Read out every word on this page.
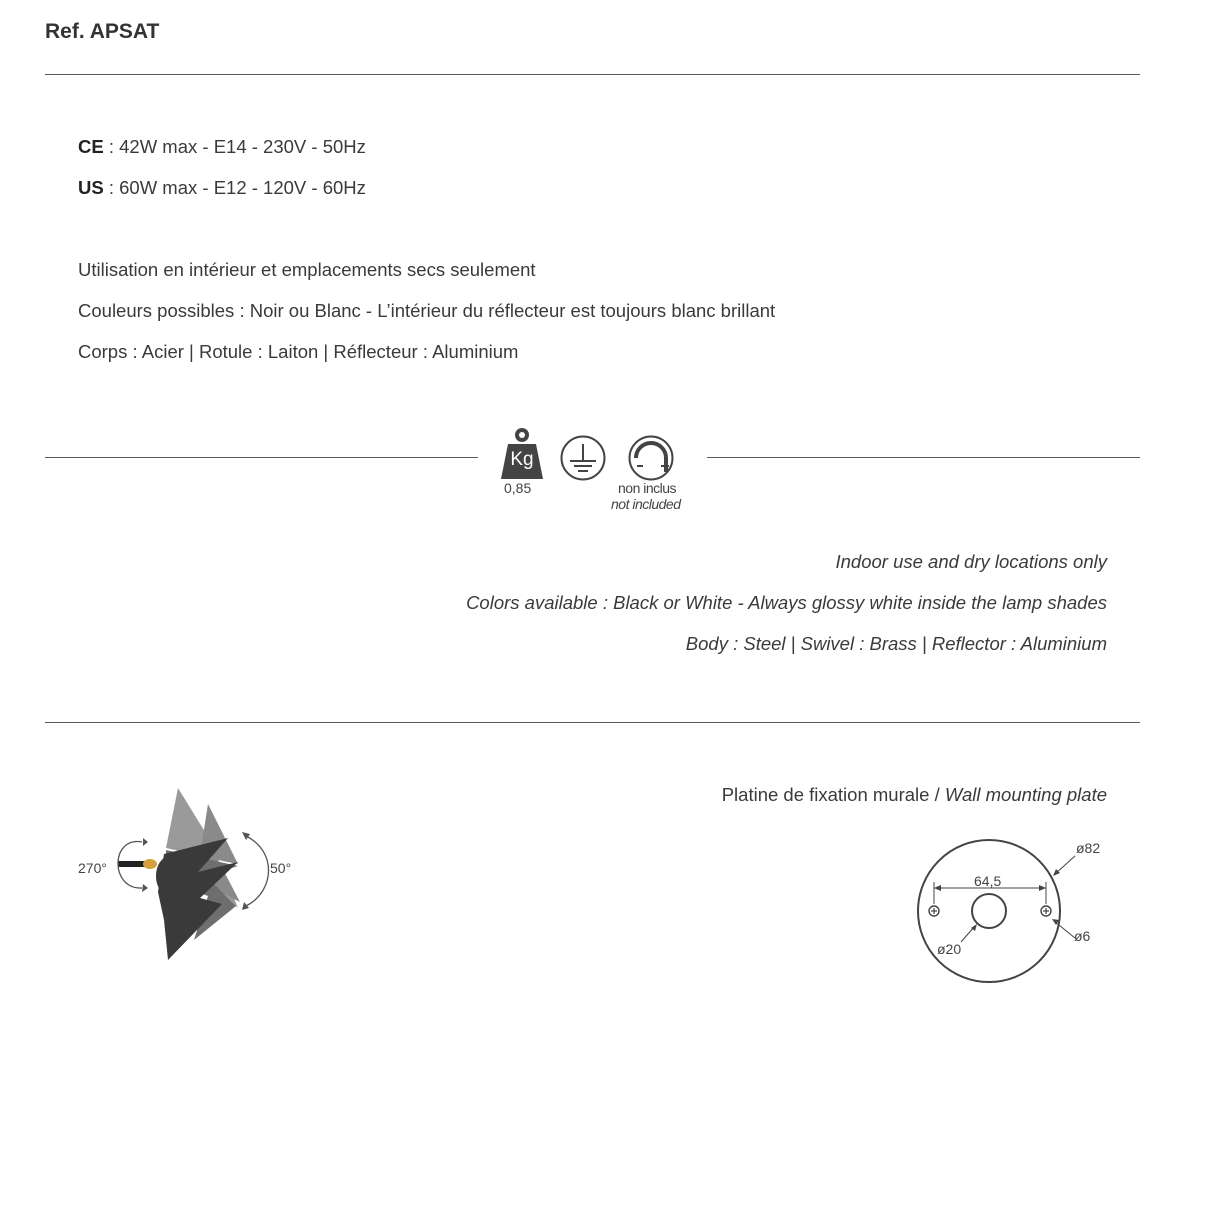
Ref. APSAT
CE : 42W max - E14 - 230V - 50Hz
US : 60W max - E12 - 120V - 60Hz
Utilisation en intérieur et emplacements secs seulement
Couleurs possibles : Noir ou Blanc - L’intérieur du réflecteur est toujours blanc brillant
Corps : Acier | Rotule : Laiton | Réflecteur : Aluminium
Kg
0,85	non inclus
not included
Indoor use and dry locations only
Colors available : Black or White - Always glossy white inside the lamp shades
Body : Steel | Swivel : Brass | Reflector : Aluminium
270°	50°
Platine de fixation murale / Wall mounting plate
64,5
ø82
ø6
ø20
